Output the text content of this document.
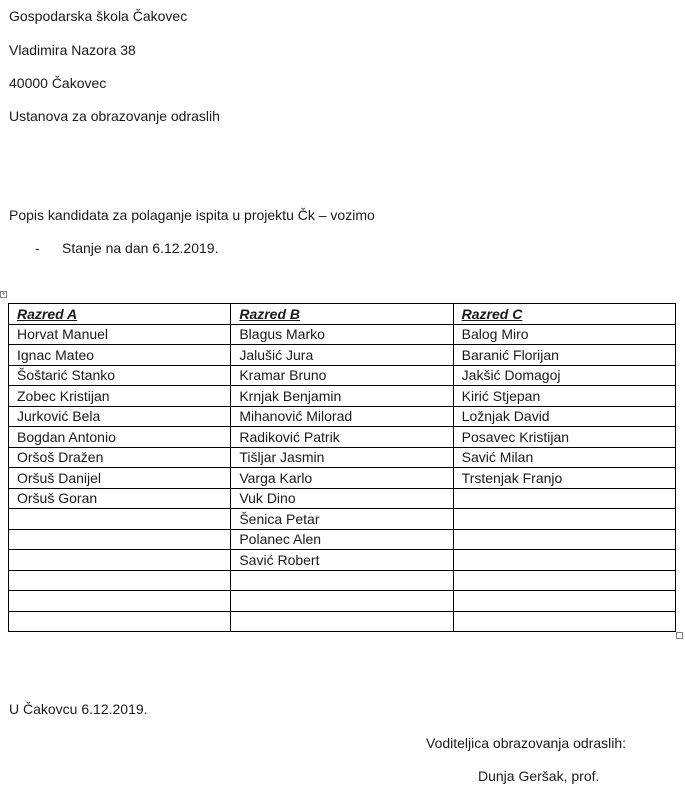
Gospodarska škola Čakovec
Vladimira Nazora 38
40000 Čakovec
Ustanova za obrazovanje odraslih
Popis kandidata za polaganje ispita u projektu Čk – vozimo
- Stanje na dan 6.12.2019.
+
Razred A	Razred B	Razred C
Horvat Manuel	Blagus Marko	Balog Miro
Ignac Mateo	Jalušić Jura	Baranić Florijan
Šoštarić Stanko	Kramar Bruno	Jakšić Domagoj
Zobec Kristijan	Krnjak Benjamin	Kirić Stjepan
Jurković Bela	Mihanović Milorad	Ložnjak David
Bogdan Antonio	Radiković Patrik	Posavec Kristijan
Oršoš Dražen	Tišljar Jasmin	Savić Milan
Oršuš Danijel	Varga Karlo	Trstenjak Franjo
Oršuš Goran	Vuk Dino	
	Šenica Petar	
	Polanec Alen	
	Savić Robert	

U Čakovcu 6.12.2019.
Voditeljica obrazovanja odraslih:
Dunja Geršak, prof.
